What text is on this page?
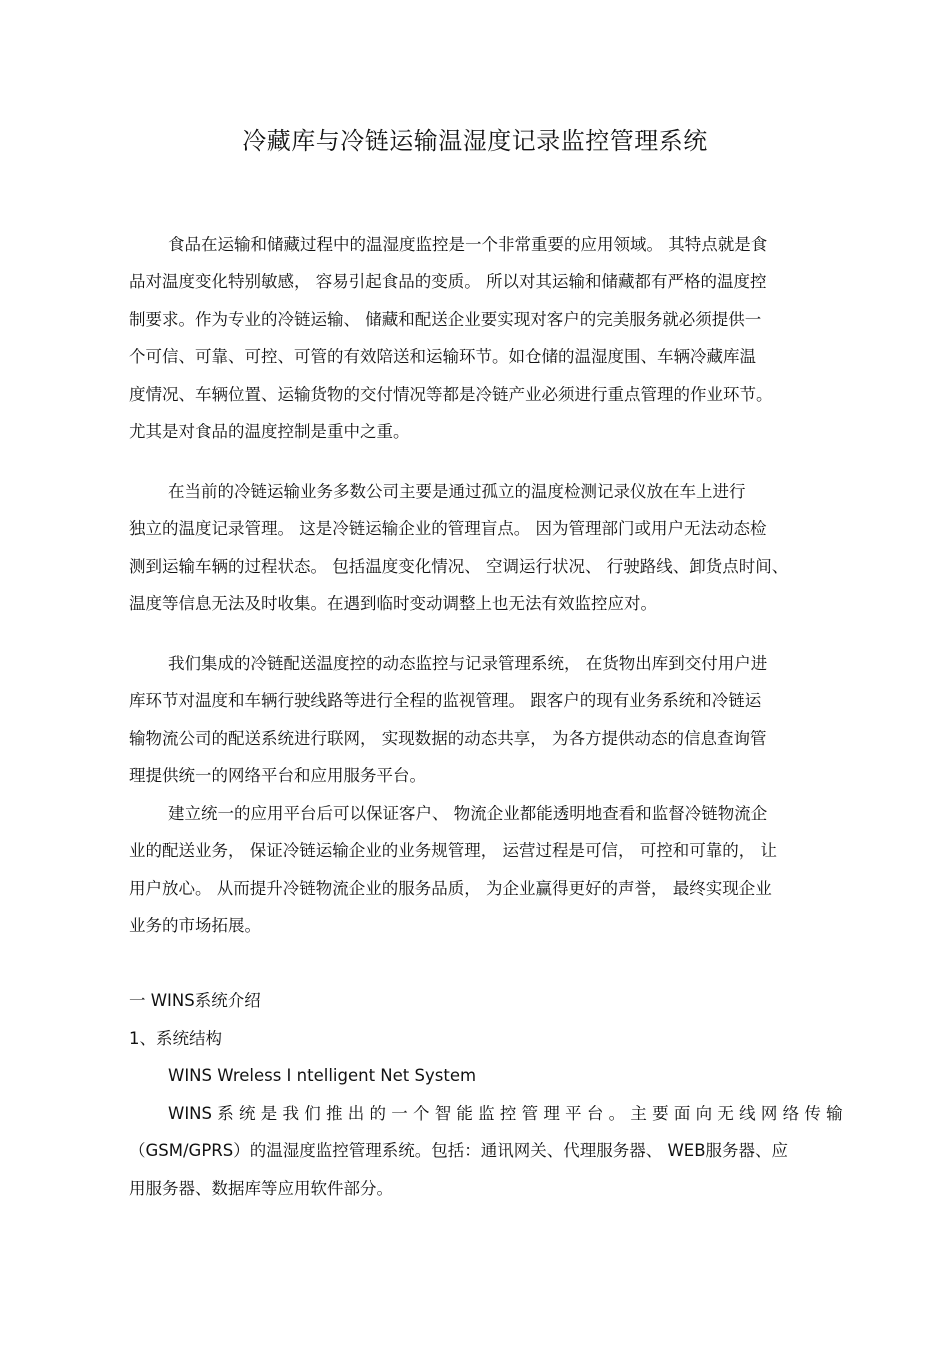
冷藏库与冷链运输温湿度记录监控管理系统
食品在运输和储藏过程中的温湿度监控是一个非常重要的应用领域。 其特点就是食
品对温度变化特别敏感， 容易引起食品的变质。 所以对其运输和储藏都有严格的温度控
制要求。作为专业的冷链运输、 储藏和配送企业要实现对客户的完美服务就必须提供一
个可信、可靠、可控、可管的有效陪送和运输环节。如仓储的温湿度围、车辆冷藏库温
度情况、车辆位置、运输货物的交付情况等都是冷链产业必须进行重点管理的作业环节。
尤其是对食品的温度控制是重中之重。
在当前的冷链运输业务多数公司主要是通过孤立的温度检测记录仪放在车上进行
独立的温度记录管理。 这是冷链运输企业的管理盲点。 因为管理部门或用户无法动态检
测到运输车辆的过程状态。 包括温度变化情况、 空调运行状况、 行驶路线、卸货点时间、
温度等信息无法及时收集。在遇到临时变动调整上也无法有效监控应对。
我们集成的冷链配送温度控的动态监控与记录管理系统， 在货物出库到交付用户进
库环节对温度和车辆行驶线路等进行全程的监视管理。 跟客户的现有业务系统和冷链运
输物流公司的配送系统进行联网， 实现数据的动态共享， 为各方提供动态的信息查询管
理提供统一的网络平台和应用服务平台。
建立统一的应用平台后可以保证客户、 物流企业都能透明地查看和监督冷链物流企
业的配送业务， 保证冷链运输企业的业务规管理， 运营过程是可信， 可控和可靠的， 让
用户放心。 从而提升冷链物流企业的服务品质， 为企业赢得更好的声誉， 最终实现企业
业务的市场拓展。
一 WINS系统介绍
1、系统结构
WINS Wreless I ntelligent Net System
WINS 系 统 是 我 们 推 出 的 一 个 智 能 监 控 管 理 平 台 。 主 要 面 向 无 线 网 络 传 输
（GSM/GPRS）的温湿度监控管理系统。包括：通讯网关、代理服务器、 WEB服务器、应
用服务器、数据库等应用软件部分。
